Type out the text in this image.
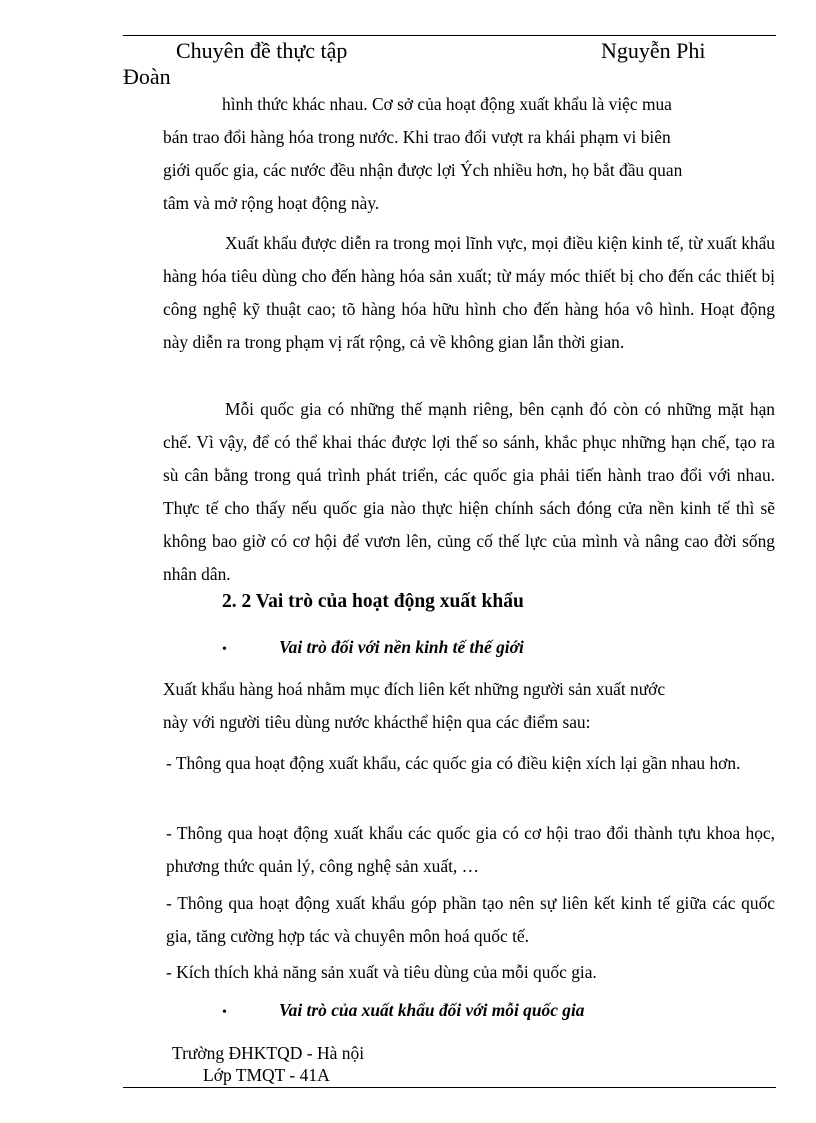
Chuyên đề thực tập	Nguyễn Phi
Đoàn
hình thức khác nhau. Cơ sở của hoạt động xuất khẩu là việc mua
bán trao đổi hàng hóa trong nước. Khi trao đổi vượt ra khái phạm vi biên
giới quốc gia, các nước đều nhận được lợi Ých nhiều hơn, họ bắt đầu quan
tâm và mở rộng hoạt động này.

Xuất khẩu được diễn ra trong mọi lĩnh vực, mọi điều kiện kinh tế, từ xuất khẩu hàng hóa tiêu dùng cho đến hàng hóa sản xuất; từ máy móc thiết bị cho đến các thiết bị công nghệ kỹ thuật cao; tõ hàng hóa hữu hình cho đến hàng hóa vô hình. Hoạt động này diễn ra trong phạm vị rất rộng, cả về không gian lẫn thời gian.

Mỗi quốc gia có những thế mạnh riêng, bên cạnh đó còn có những mặt hạn chế. Vì vậy, để có thể khai thác được lợi thế so sánh, khắc phục những hạn chế, tạo ra sù cân bằng trong quá trình phát triển, các quốc gia phải tiến hành trao đổi với nhau. Thực tế cho thấy nếu quốc gia nào thực hiện chính sách đóng cửa nền kinh tế thì sẽ không bao giờ có cơ hội để vươn lên, củng cố thế lực của mình và nâng cao đời sống nhân dân.

2. 2 Vai trò của hoạt động xuất khẩu
•	Vai trò đối với nền kinh tế thế giới
Xuất khẩu hàng hoá nhằm mục đích liên kết những người sản xuất nước
này với người tiêu dùng nước khácthể hiện qua các điểm sau:

- Thông qua hoạt động xuất khẩu, các quốc gia có điều kiện xích lại gần nhau hơn.

- Thông qua hoạt động xuất khẩu các quốc gia có cơ hội trao đổi thành tựu khoa học, phương thức quản lý, công nghệ sản xuất, …

- Thông qua hoạt động xuất khẩu góp phần tạo nên sự liên kết kinh tế giữa các quốc gia, tăng cường hợp tác và chuyên môn hoá quốc tế.

- Kích thích khả năng sản xuất và tiêu dùng của mỗi quốc gia.

•	Vai trò của xuất khẩu đối với mỗi quốc gia
Trường ĐHKTQD - Hà nội
Lớp TMQT - 41A
